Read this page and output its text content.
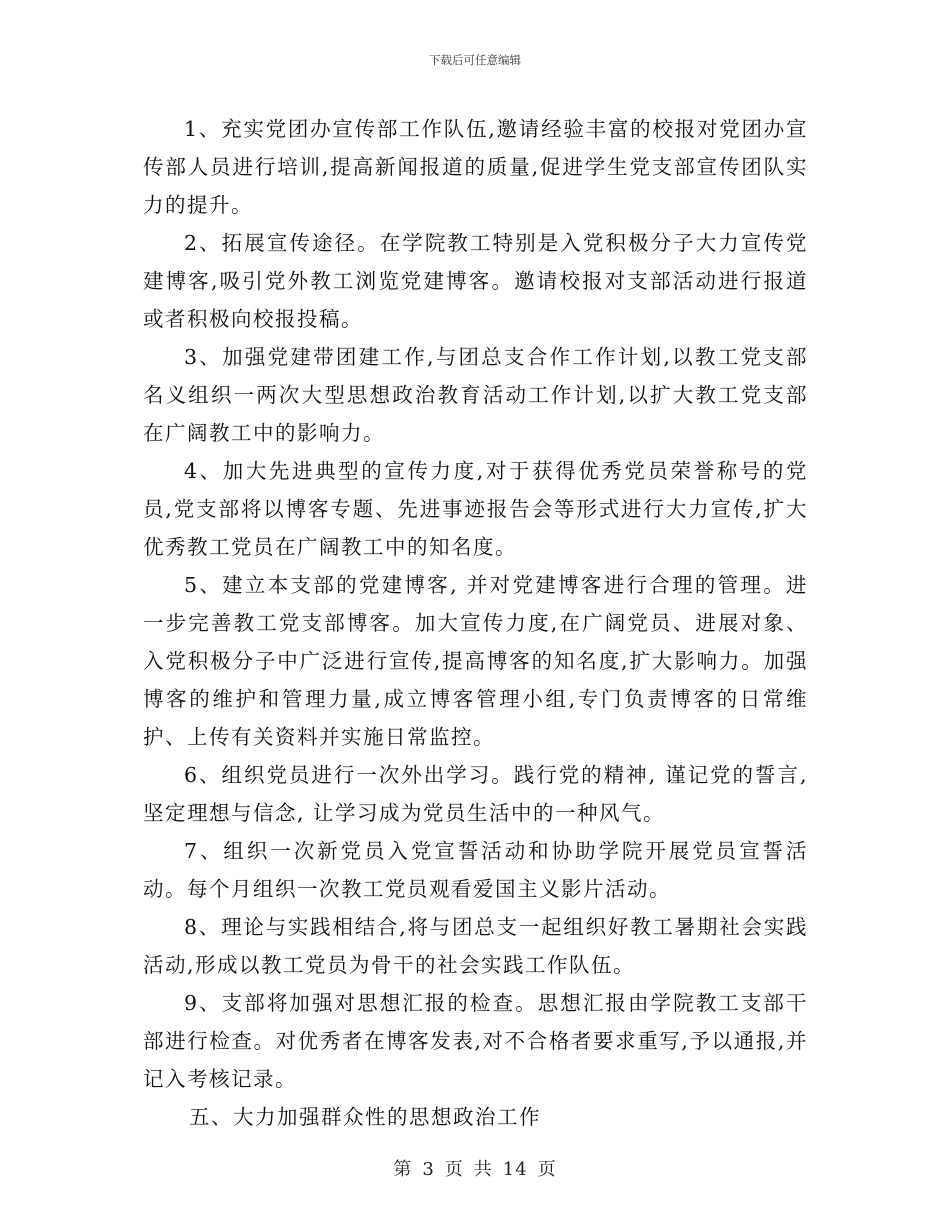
下载后可任意编辑

1、充实党团办宣传部工作队伍,邀请经验丰富的校报对党团办宣传部人员进行培训,提高新闻报道的质量,促进学生党支部宣传团队实力的提升。

2、拓展宣传途径。在学院教工特别是入党积极分子大力宣传党建博客,吸引党外教工浏览党建博客。邀请校报对支部活动进行报道或者积极向校报投稿。

3、加强党建带团建工作,与团总支合作工作计划,以教工党支部名义组织一两次大型思想政治教育活动工作计划,以扩大教工党支部在广阔教工中的影响力。

4、加大先进典型的宣传力度,对于获得优秀党员荣誉称号的党员,党支部将以博客专题、先进事迹报告会等形式进行大力宣传,扩大优秀教工党员在广阔教工中的知名度。

5、建立本支部的党建博客, 并对党建博客进行合理的管理。进一步完善教工党支部博客。加大宣传力度,在广阔党员、进展对象、入党积极分子中广泛进行宣传,提高博客的知名度,扩大影响力。加强博客的维护和管理力量,成立博客管理小组,专门负责博客的日常维护、上传有关资料并实施日常监控。

6、组织党员进行一次外出学习。践行党的精神, 谨记党的誓言,坚定理想与信念, 让学习成为党员生活中的一种风气。

7、组织一次新党员入党宣誓活动和协助学院开展党员宣誓活动。每个月组织一次教工党员观看爱国主义影片活动。

8、理论与实践相结合,将与团总支一起组织好教工暑期社会实践活动,形成以教工党员为骨干的社会实践工作队伍。

9、支部将加强对思想汇报的检查。思想汇报由学院教工支部干部进行检查。对优秀者在博客发表,对不合格者要求重写,予以通报,并记入考核记录。

五、大力加强群众性的思想政治工作

第 3 页 共 14 页
